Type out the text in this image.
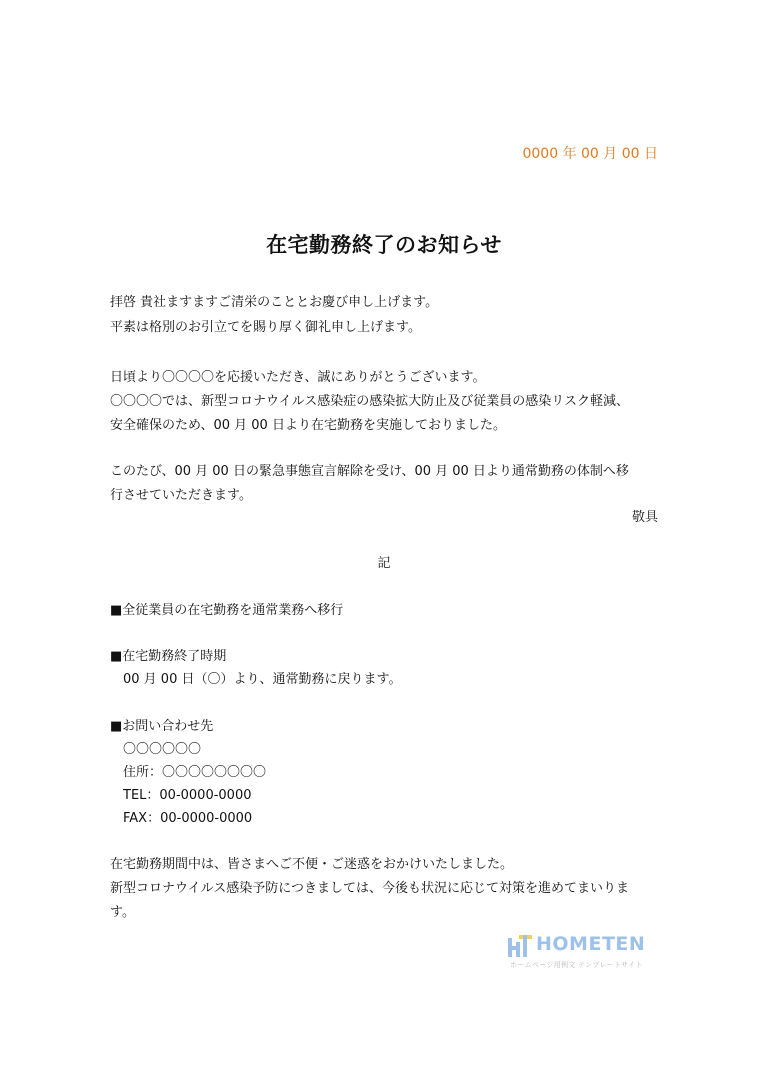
0000 年 00 月 00 日
在宅勤務終了のお知らせ
拝啓 貴社ますますご清栄のこととお慶び申し上げます。
平素は格別のお引立てを賜り厚く御礼申し上げます。
日頃より〇〇〇〇を応援いただき、誠にありがとうございます。
〇〇〇〇では、新型コロナウイルス感染症の感染拡大防止及び従業員の感染リスク軽減、
安全確保のため、00 月 00 日より在宅勤務を実施しておりました。
このたび、00 月 00 日の緊急事態宣言解除を受け、00 月 00 日より通常勤務の体制へ移
行させていただきます。
敬具
記
■全従業員の在宅勤務を通常業務へ移行
■在宅勤務終了時期
00 月 00 日（〇）より、通常勤務に戻ります。
■お問い合わせ先
〇〇〇〇〇〇
住所：〇〇〇〇〇〇〇〇
TEL：00-0000-0000
FAX：00-0000-0000
在宅勤務期間中は、皆さまへご不便・ご迷惑をおかけいたしました。
新型コロナウイルス感染予防につきましては、今後も状況に応じて対策を進めてまいりま
す。
HOMETEN
ホームページ用例文 テンプレートサイト
